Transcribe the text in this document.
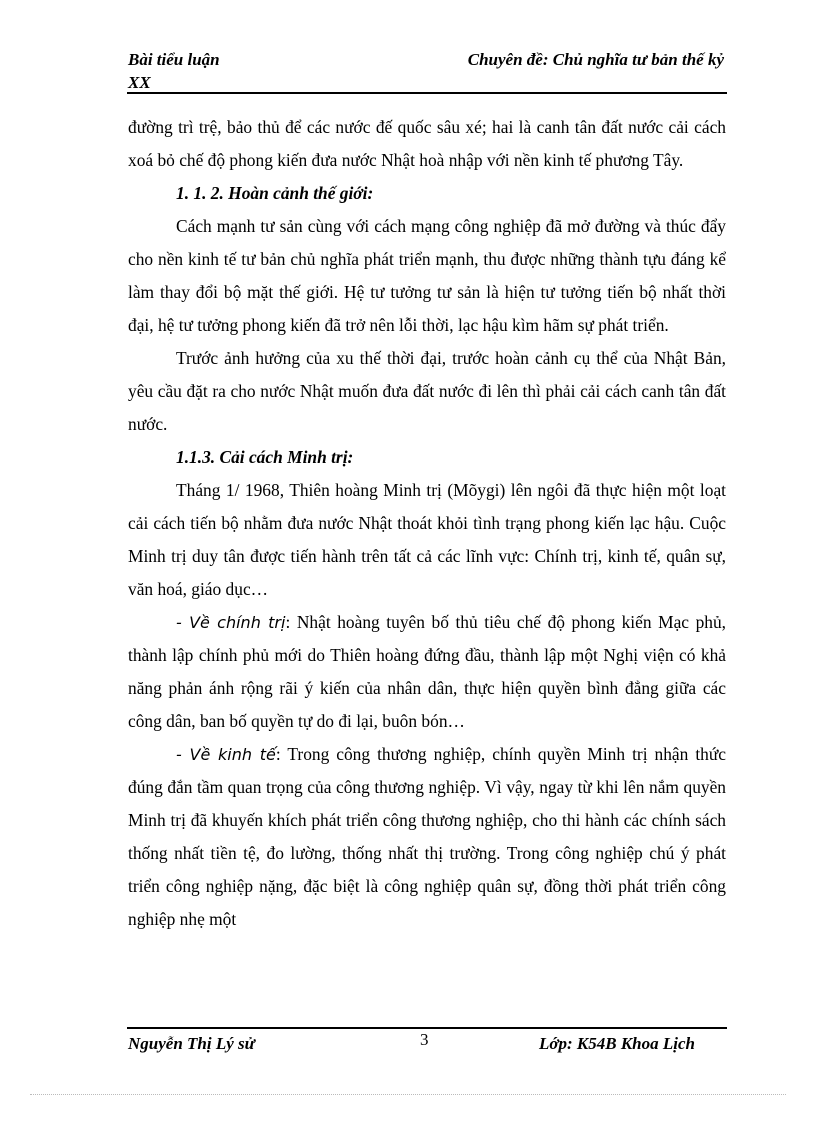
Bài tiểu luận
XX
Chuyên đề: Chủ nghĩa tư bản thế kỷ

đường trì trệ, bảo thủ để các nước đế quốc sâu xé; hai là canh tân đất nước cải cách xoá bỏ chế độ phong kiến đưa nước Nhật hoà nhập với nền kinh tế phương Tây.

1. 1. 2. Hoàn cảnh thế giới:

Cách mạnh tư sản cùng với cách mạng công nghiệp đã mở đường và thúc đẩy cho nền kinh tế tư bản chủ nghĩa phát triển mạnh, thu được những thành tựu đáng kể làm thay đổi bộ mặt thế giới. Hệ tư tưởng tư sản là hiện tư tưởng tiến bộ nhất thời đại, hệ tư tưởng phong kiến đã trở nên lỗi thời, lạc hậu kìm hãm sự phát triển.

Trước ảnh hưởng của xu thế thời đại, trước hoàn cảnh cụ thể của Nhật Bản, yêu cầu đặt ra cho nước Nhật muốn đưa đất nước đi lên thì phải cải cách canh tân đất nước.

1.1.3. Cải cách Minh trị:

Tháng 1/ 1968, Thiên hoàng Minh trị (Mõygi) lên ngôi đã thực hiện một loạt cải cách tiến bộ nhằm đưa nước Nhật thoát khỏi tình trạng phong kiến lạc hậu. Cuộc Minh trị duy tân được tiến hành trên tất cả các lĩnh vực: Chính trị, kinh tế, quân sự, văn hoá, giáo dục…

- Về chính trị: Nhật hoàng tuyên bố thủ tiêu chế độ phong kiến Mạc phủ, thành lập chính phủ mới do Thiên hoàng đứng đầu, thành lập một Nghị viện có khả năng phản ánh rộng rãi ý kiến của nhân dân, thực hiện quyền bình đẳng giữa các công dân, ban bố quyền tự do đi lại, buôn bón…

- Về kinh tế: Trong công thương nghiệp, chính quyền Minh trị nhận thức đúng đắn tầm quan trọng của công thương nghiệp. Vì vậy, ngay từ khi lên nắm quyền Minh trị đã khuyến khích phát triển công thương nghiệp, cho thi hành các chính sách thống nhất tiền tệ, đo lường, thống nhất thị trường. Trong công nghiệp chú ý phát triển công nghiệp nặng, đặc biệt là công nghiệp quân sự, đồng thời phát triển công nghiệp nhẹ một

Nguyễn Thị Lý sử	3	Lớp: K54B Khoa Lịch
